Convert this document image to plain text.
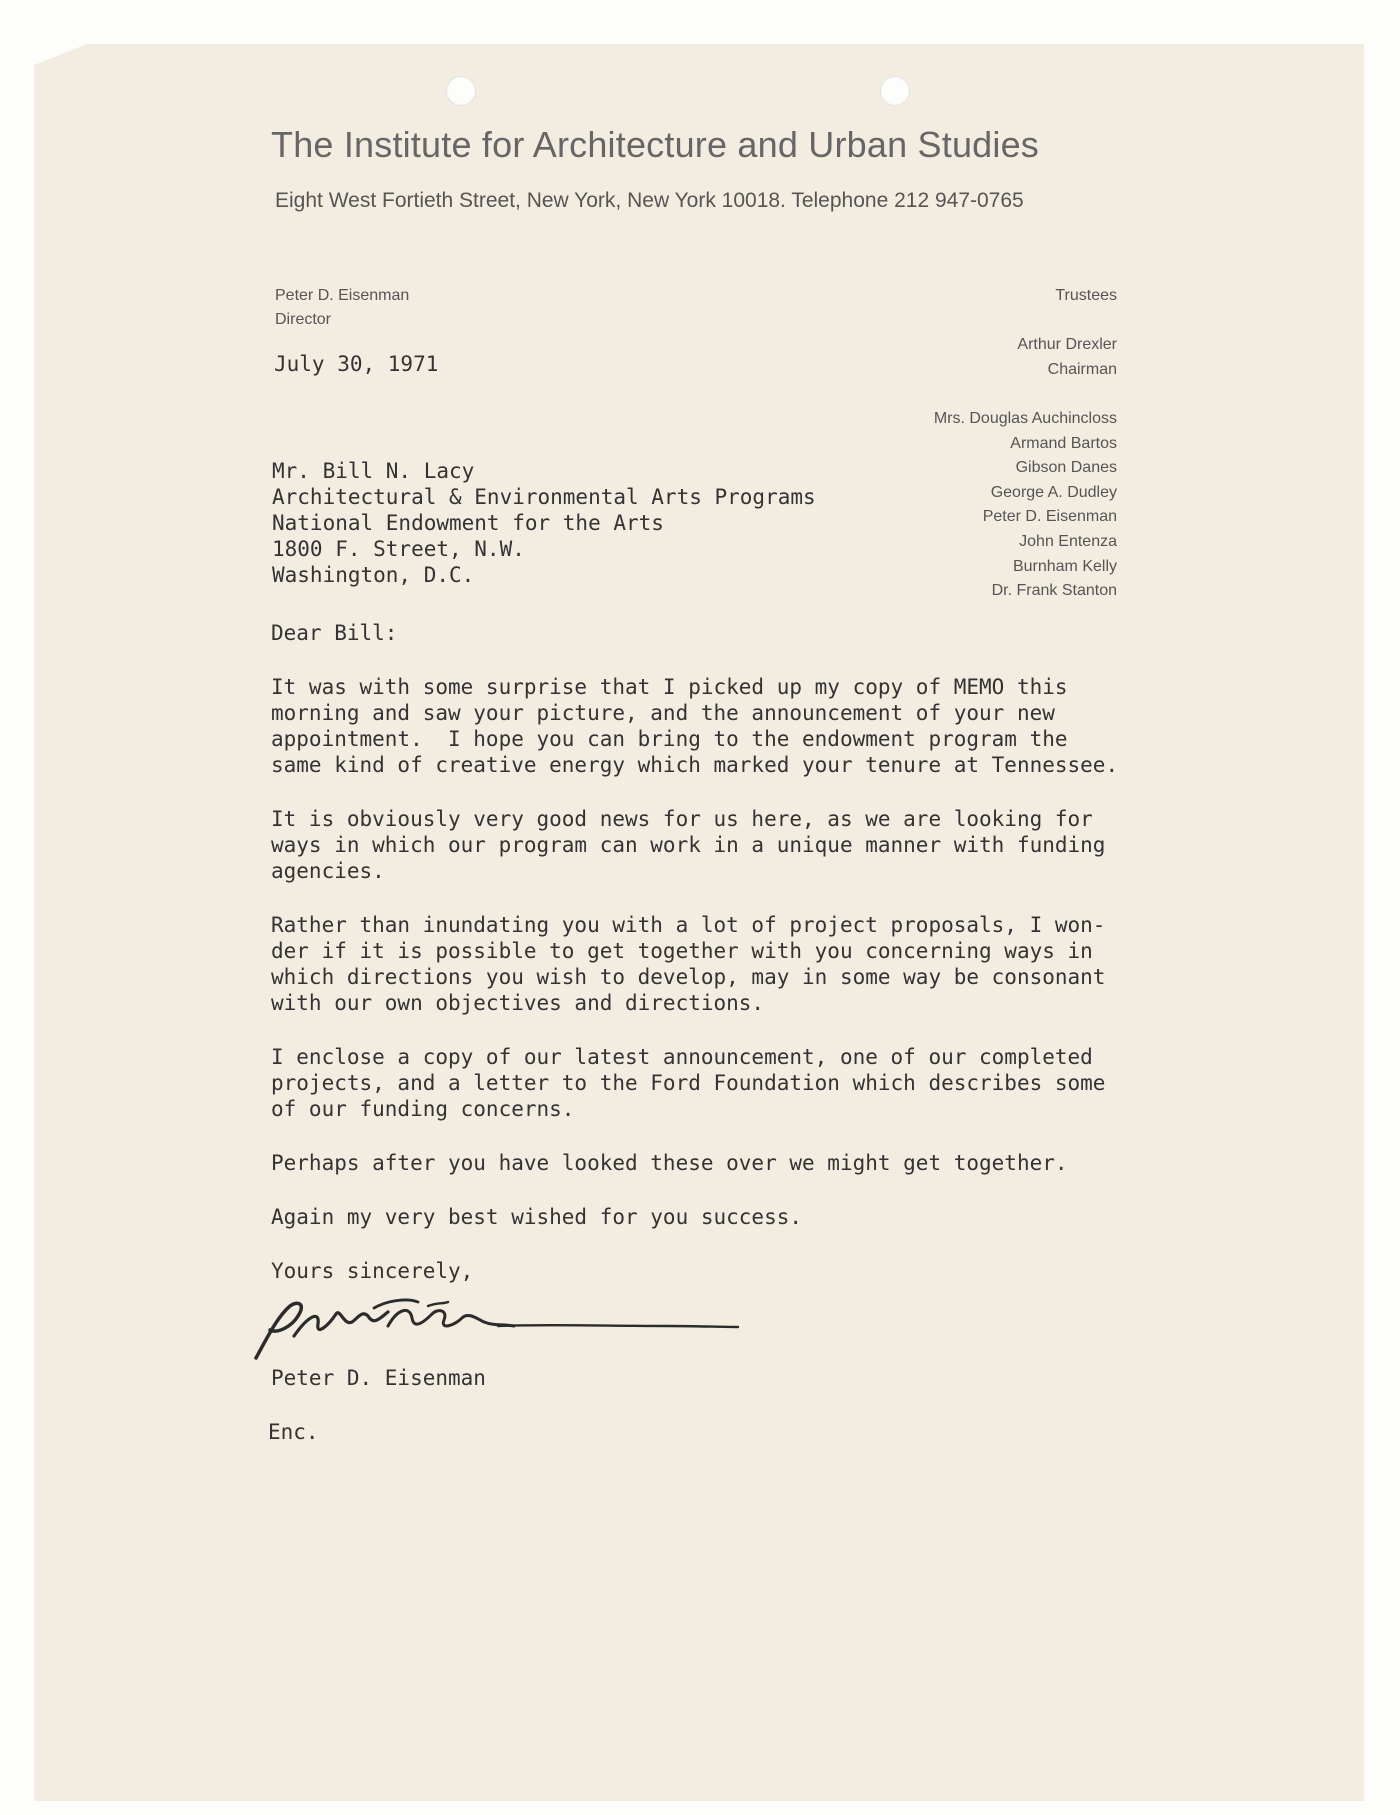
The Institute for Architecture and Urban Studies
Eight West Fortieth Street, New York, New York 10018. Telephone 212 947-0765
Peter D. Eisenman
Director
Trustees
Arthur Drexler
Chairman
Mrs. Douglas Auchincloss
Armand Bartos
Gibson Danes
George A. Dudley
Peter D. Eisenman
John Entenza
Burnham Kelly
Dr. Frank Stanton
July 30, 1971
Mr. Bill N. Lacy
Architectural & Environmental Arts Programs
National Endowment for the Arts
1800 F. Street, N.W.
Washington, D.C.

Dear Bill:

It was with some surprise that I picked up my copy of MEMO this

morning and saw your picture, and the announcement of your new

appointment.  I hope you can bring to the endowment program the

same kind of creative energy which marked your tenure at Tennessee.

It is obviously very good news for us here, as we are looking for

ways in which our program can work in a unique manner with funding

agencies.

Rather than inundating you with a lot of project proposals, I won-

der if it is possible to get together with you concerning ways in

which directions you wish to develop, may in some way be consonant

with our own objectives and directions.

I enclose a copy of our latest announcement, one of our completed

projects, and a letter to the Ford Foundation which describes some

of our funding concerns.

Perhaps after you have looked these over we might get together.

Again my very best wished for you success.

Yours sincerely,

Peter D. Eisenman
Enc.
